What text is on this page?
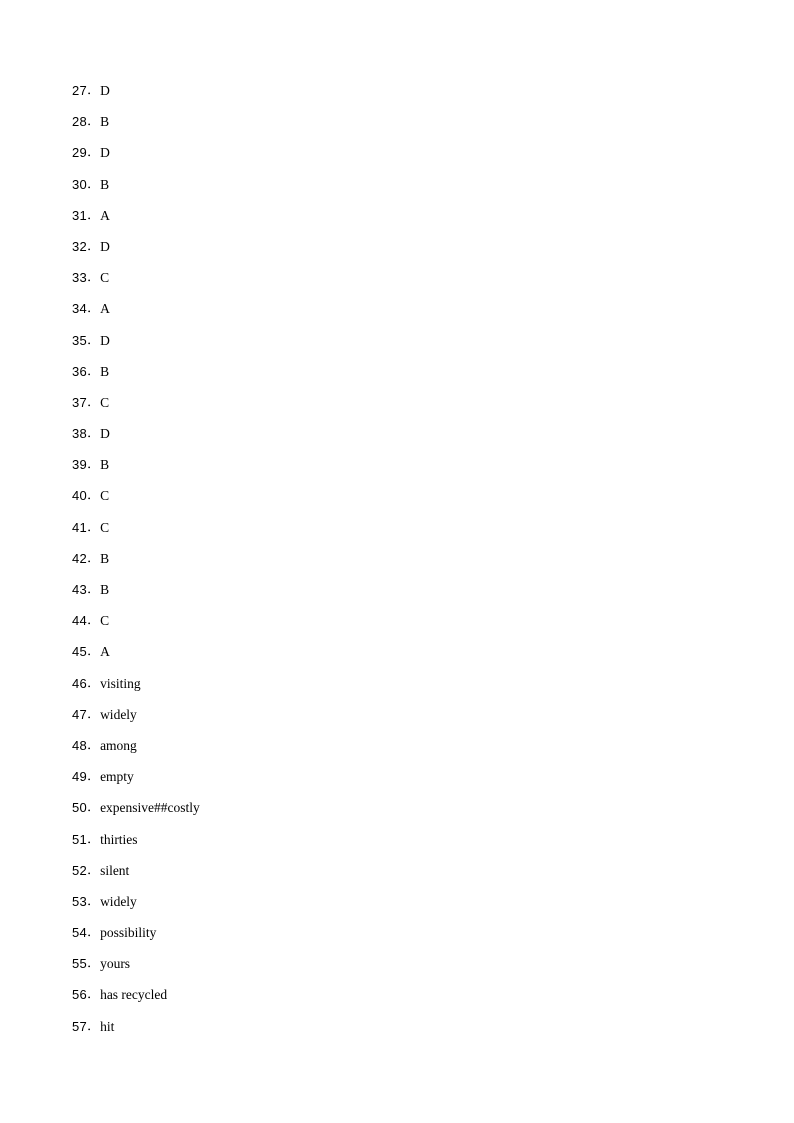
27 ． D
28 ． B
29 ． D
30 ． B
31 ． A
32 ． D
33 ． C
34 ． A
35 ． D
36 ． B
37 ． C
38 ． D
39 ． B
40 ． C
41 ． C
42 ． B
43 ． B
44 ． C
45 ． A
46 ． visiting
47 ． widely
48 ． among
49 ． empty
50 ． expensive##costly
51 ． thirties
52 ． silent
53 ． widely
54 ． possibility
55 ． yours
56 ． has recycled
57 ． hit
